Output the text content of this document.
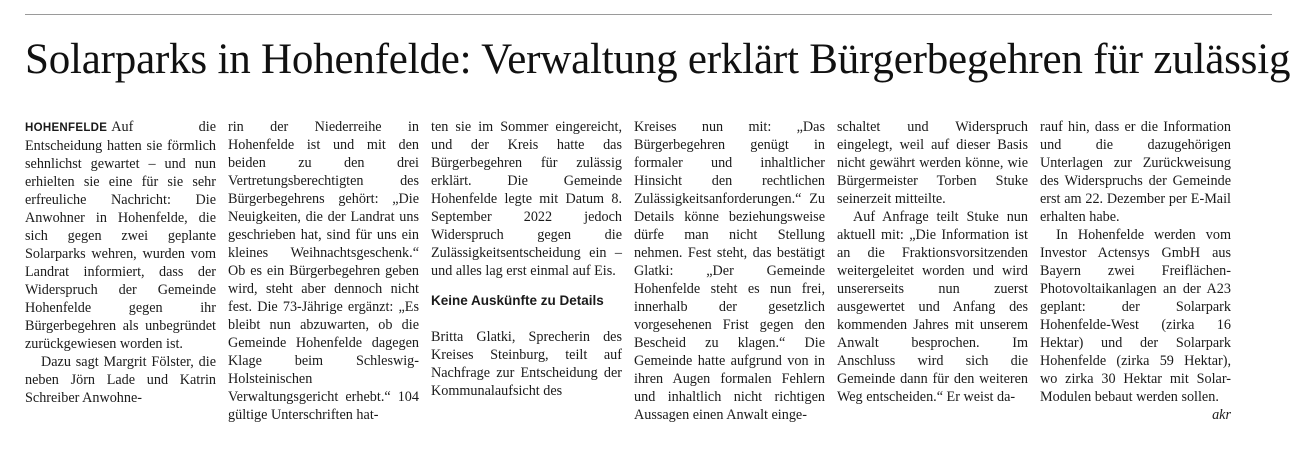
Solarparks in Hohenfelde: Verwaltung erklärt Bürgerbegehren für zulässig

HOHENFELDE Auf die Entscheidung hatten sie förmlich sehnlichst gewartet – und nun erhielten sie eine für sie sehr erfreuliche Nachricht: Die Anwohner in Hohenfelde, die sich gegen zwei geplante Solarparks wehren, wurden vom Landrat informiert, dass der Widerspruch der Gemeinde Hohenfelde gegen ihr Bürgerbegehren als unbegründet zurückgewiesen worden ist.

Dazu sagt Margrit Fölster, die neben Jörn Lade und Katrin Schreiber Anwohne-

rin der Niederreihe in Hohenfelde ist und mit den beiden zu den drei Vertretungsberechtigten des Bürgerbegehrens gehört: „Die Neuigkeiten, die der Landrat uns geschrieben hat, sind für uns ein kleines Weihnachtsgeschenk.“ Ob es ein Bürgerbegehren geben wird, steht aber dennoch nicht fest. Die 73-Jährige ergänzt: „Es bleibt nun abzuwarten, ob die Gemeinde Hohenfelde dagegen Klage beim Schleswig-Holsteinischen Verwaltungsgericht erhebt.“ 104 gültige Unterschriften hat-

ten sie im Sommer eingereicht, und der Kreis hatte das Bürgerbegehren für zulässig erklärt. Die Gemeinde Hohenfelde legte mit Datum 8. September 2022 jedoch Widerspruch gegen die Zulässigkeitsentscheidung ein – und alles lag erst einmal auf Eis.

Keine Auskünfte zu Details

Britta Glatki, Sprecherin des Kreises Steinburg, teilt auf Nachfrage zur Entscheidung der Kommunalaufsicht des

Kreises nun mit: „Das Bürgerbegehren genügt in formaler und inhaltlicher Hinsicht den rechtlichen Zulässigkeitsanforderungen.“ Zu Details könne beziehungsweise dürfe man nicht Stellung nehmen. Fest steht, das bestätigt Glatki: „Der Gemeinde Hohenfelde steht es nun frei, innerhalb der gesetzlich vorgesehenen Frist gegen den Bescheid zu klagen.“ Die Gemeinde hatte aufgrund von in ihren Augen formalen Fehlern und inhaltlich nicht richtigen Aussagen einen Anwalt einge-

schaltet und Widerspruch eingelegt, weil auf dieser Basis nicht gewährt werden könne, wie Bürgermeister Torben Stuke seinerzeit mitteilte.

Auf Anfrage teilt Stuke nun aktuell mit: „Die Information ist an die Fraktionsvorsitzenden weitergeleitet worden und wird unsererseits nun zuerst ausgewertet und Anfang des kommenden Jahres mit unserem Anwalt besprochen. Im Anschluss wird sich die Gemeinde dann für den weiteren Weg entscheiden.“ Er weist da-

rauf hin, dass er die Information und die dazugehörigen Unterlagen zur Zurückweisung des Widerspruchs der Gemeinde erst am 22. Dezember per E-Mail erhalten habe.

In Hohenfelde werden vom Investor Actensys GmbH aus Bayern zwei Freiflächen-Photovoltaikanlagen an der A23 geplant: der Solarpark Hohenfelde-West (zirka 16 Hektar) und der Solarpark Hohenfelde (zirka 59 Hektar), wo zirka 30 Hektar mit Solar-Modulen bebaut werden sollen.
akr
